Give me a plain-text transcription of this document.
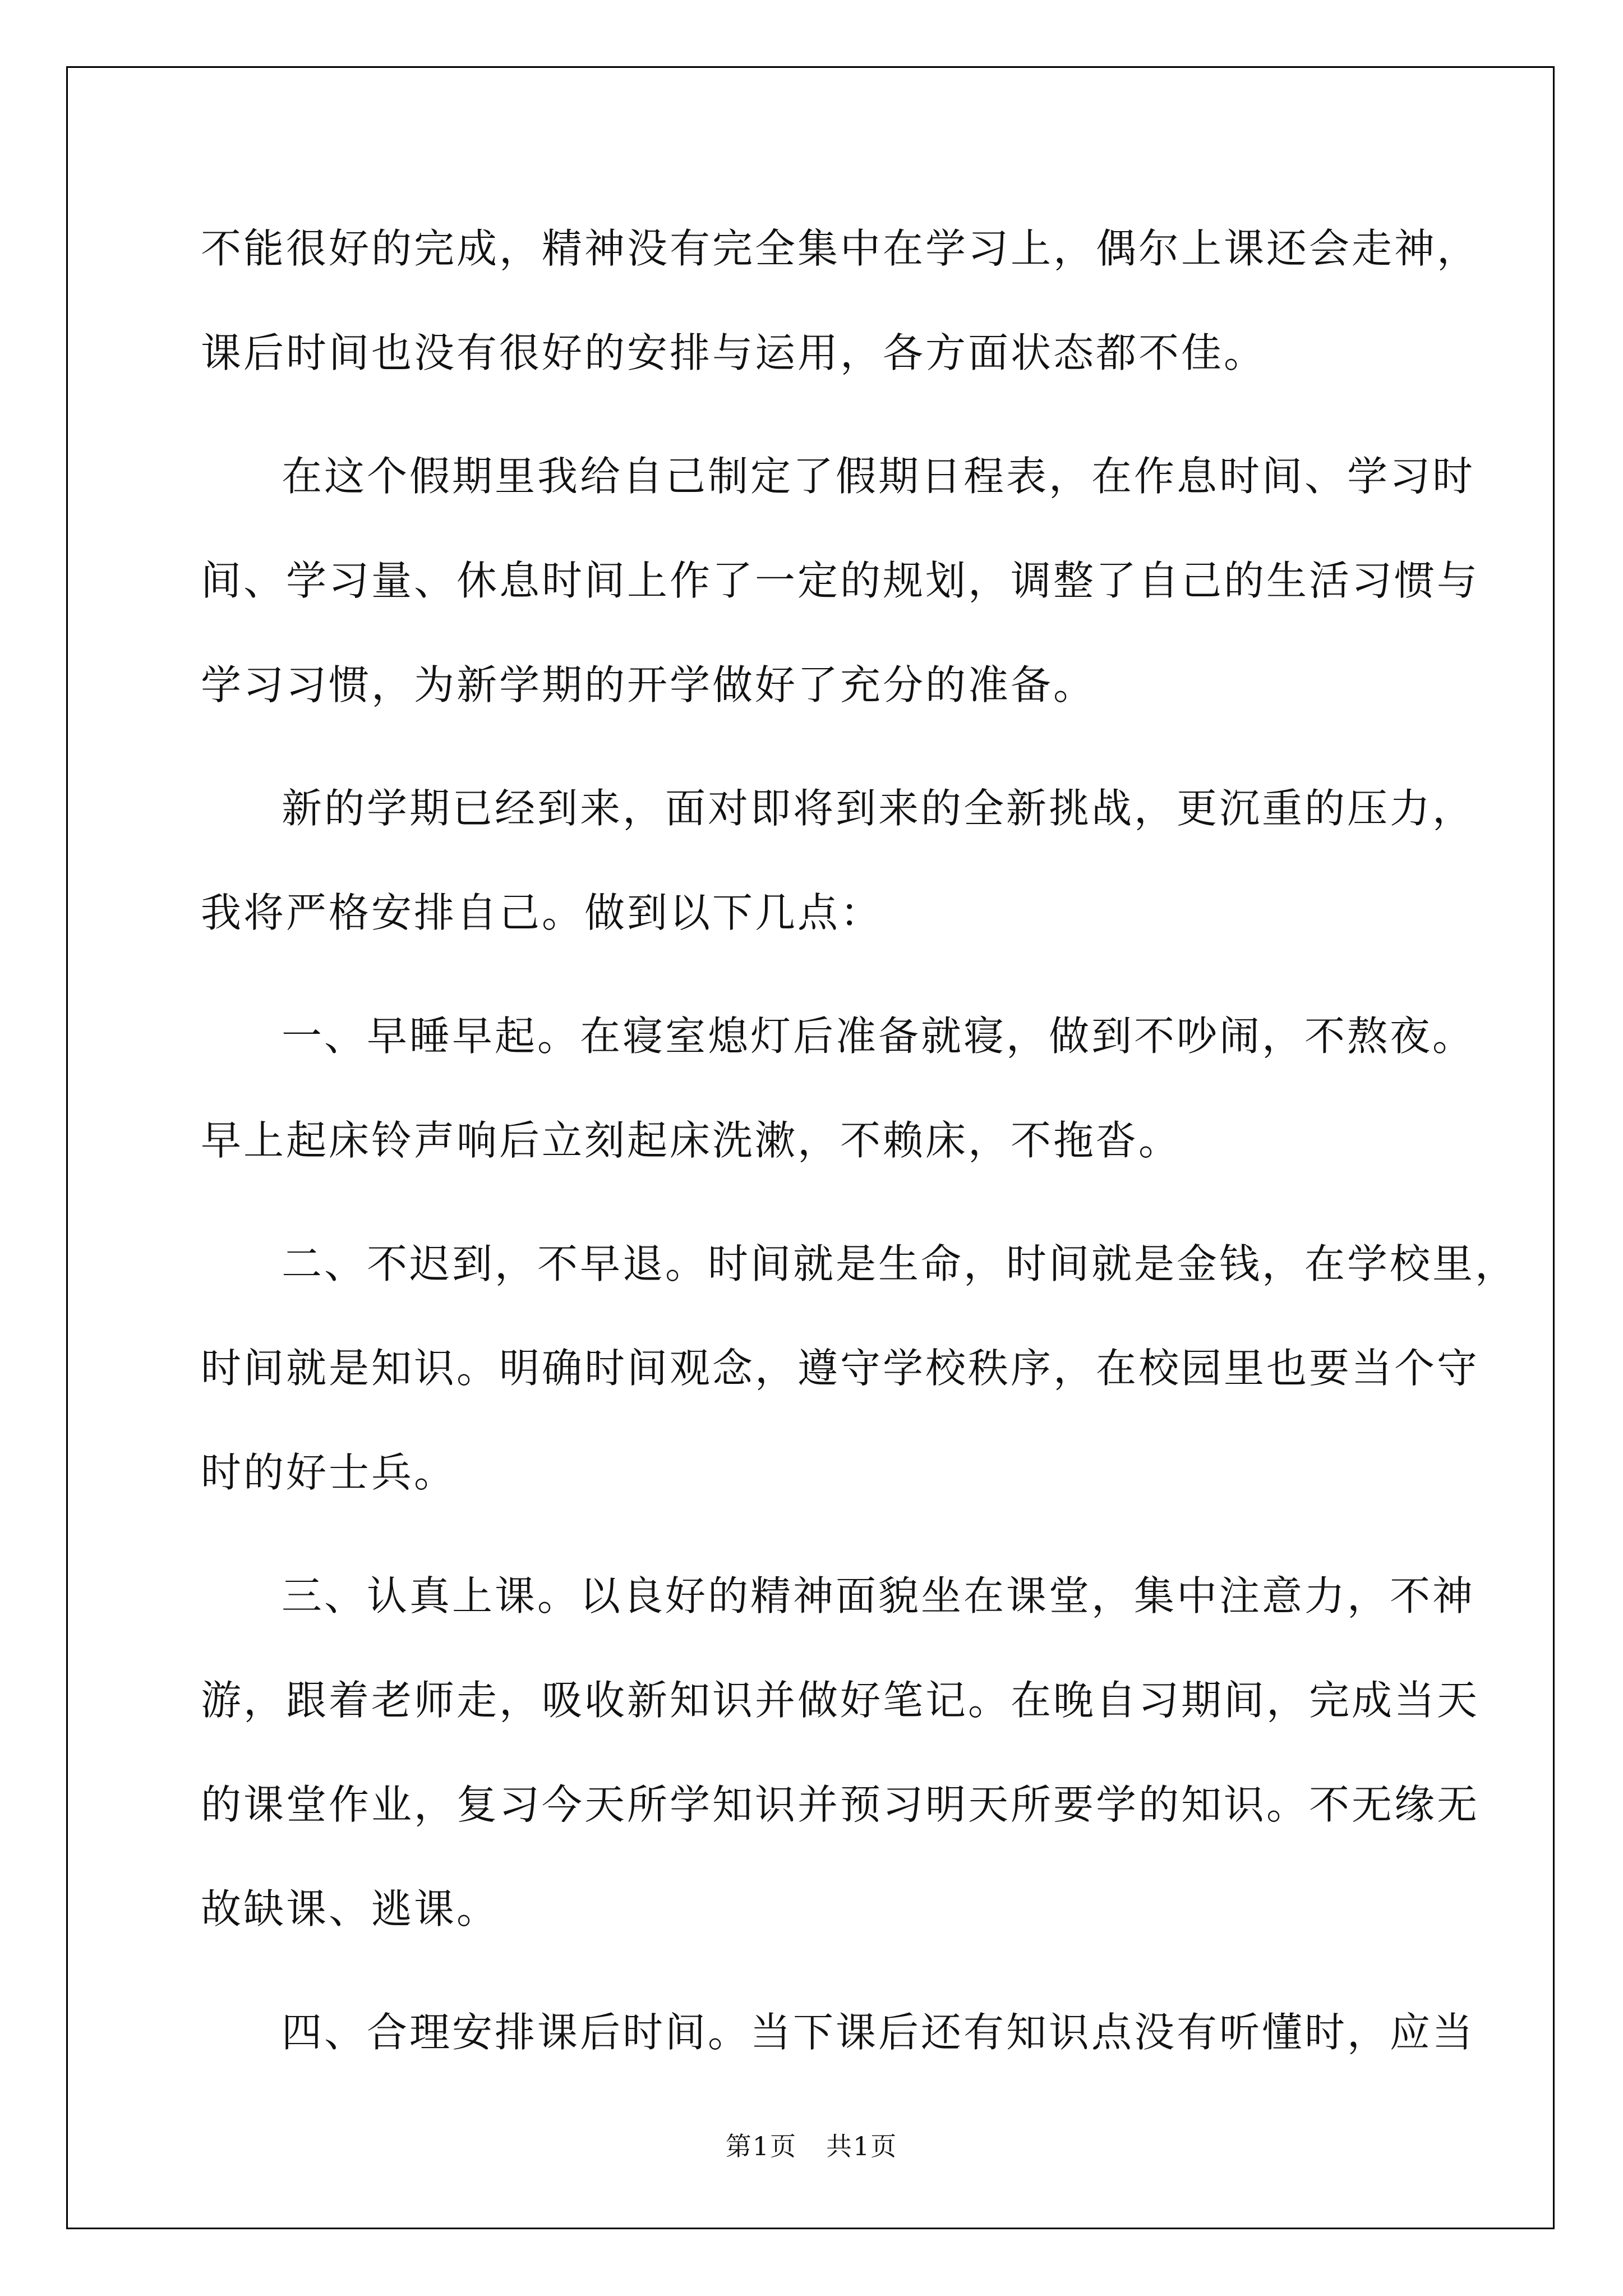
不能很好的完成，精神没有完全集中在学习上，偶尔上课还会走神，
课后时间也没有很好的安排与运用，各方面状态都不佳。
在这个假期里我给自己制定了假期日程表，在作息时间、学习时
间、学习量、休息时间上作了一定的规划，调整了自己的生活习惯与
学习习惯，为新学期的开学做好了充分的准备。
新的学期已经到来，面对即将到来的全新挑战，更沉重的压力，
我将严格安排自己。做到以下几点：
一、早睡早起。在寝室熄灯后准备就寝，做到不吵闹，不熬夜。
早上起床铃声响后立刻起床洗漱，不赖床，不拖沓。
二、不迟到，不早退。时间就是生命，时间就是金钱，在学校里，
时间就是知识。明确时间观念，遵守学校秩序，在校园里也要当个守
时的好士兵。
三、认真上课。以良好的精神面貌坐在课堂，集中注意力，不神
游，跟着老师走，吸收新知识并做好笔记。在晚自习期间，完成当天
的课堂作业，复习今天所学知识并预习明天所要学的知识。不无缘无
故缺课、逃课。
四、合理安排课后时间。当下课后还有知识点没有听懂时，应当
第1页 共1页
